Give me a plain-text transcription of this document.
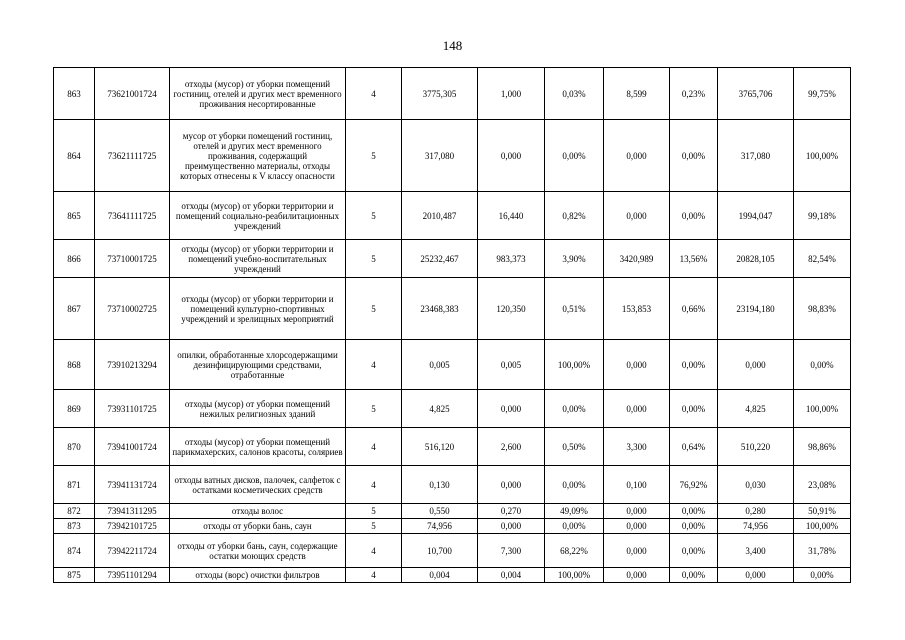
148
863	73621001724	отходы (мусор) от уборки помещений гостиниц, отелей и других мест временного проживания несортированные	4	3775,305	1,000	0,03%	8,599	0,23%	3765,706	99,75%
864	73621111725	мусор от уборки помещений гостиниц, отелей и других мест временного проживания, содержащий преимущественно материалы, отходы которых отнесены к V классу опасности	5	317,080	0,000	0,00%	0,000	0,00%	317,080	100,00%
865	73641111725	отходы (мусор) от уборки территории и помещений социально-реабилитационных учреждений	5	2010,487	16,440	0,82%	0,000	0,00%	1994,047	99,18%
866	73710001725	отходы (мусор) от уборки территории и помещений учебно-воспитательных учреждений	5	25232,467	983,373	3,90%	3420,989	13,56%	20828,105	82,54%
867	73710002725	отходы (мусор) от уборки территории и помещений культурно-спортивных учреждений и зрелищных мероприятий	5	23468,383	120,350	0,51%	153,853	0,66%	23194,180	98,83%
868	73910213294	опилки, обработанные хлорсодержащими дезинфицирующими средствами, отработанные	4	0,005	0,005	100,00%	0,000	0,00%	0,000	0,00%
869	73931101725	отходы (мусор) от уборки помещений нежилых религиозных зданий	5	4,825	0,000	0,00%	0,000	0,00%	4,825	100,00%
870	73941001724	отходы (мусор) от уборки помещений парикмахерских, салонов красоты, соляриев	4	516,120	2,600	0,50%	3,300	0,64%	510,220	98,86%
871	73941131724	отходы ватных дисков, палочек, салфеток с остатками косметических средств	4	0,130	0,000	0,00%	0,100	76,92%	0,030	23,08%
872	73941311295	отходы волос	5	0,550	0,270	49,09%	0,000	0,00%	0,280	50,91%
873	73942101725	отходы от уборки бань, саун	5	74,956	0,000	0,00%	0,000	0,00%	74,956	100,00%
874	73942211724	отходы от уборки бань, саун, содержащие остатки моющих средств	4	10,700	7,300	68,22%	0,000	0,00%	3,400	31,78%
875	73951101294	отходы (ворс) очистки фильтров	4	0,004	0,004	100,00%	0,000	0,00%	0,000	0,00%
